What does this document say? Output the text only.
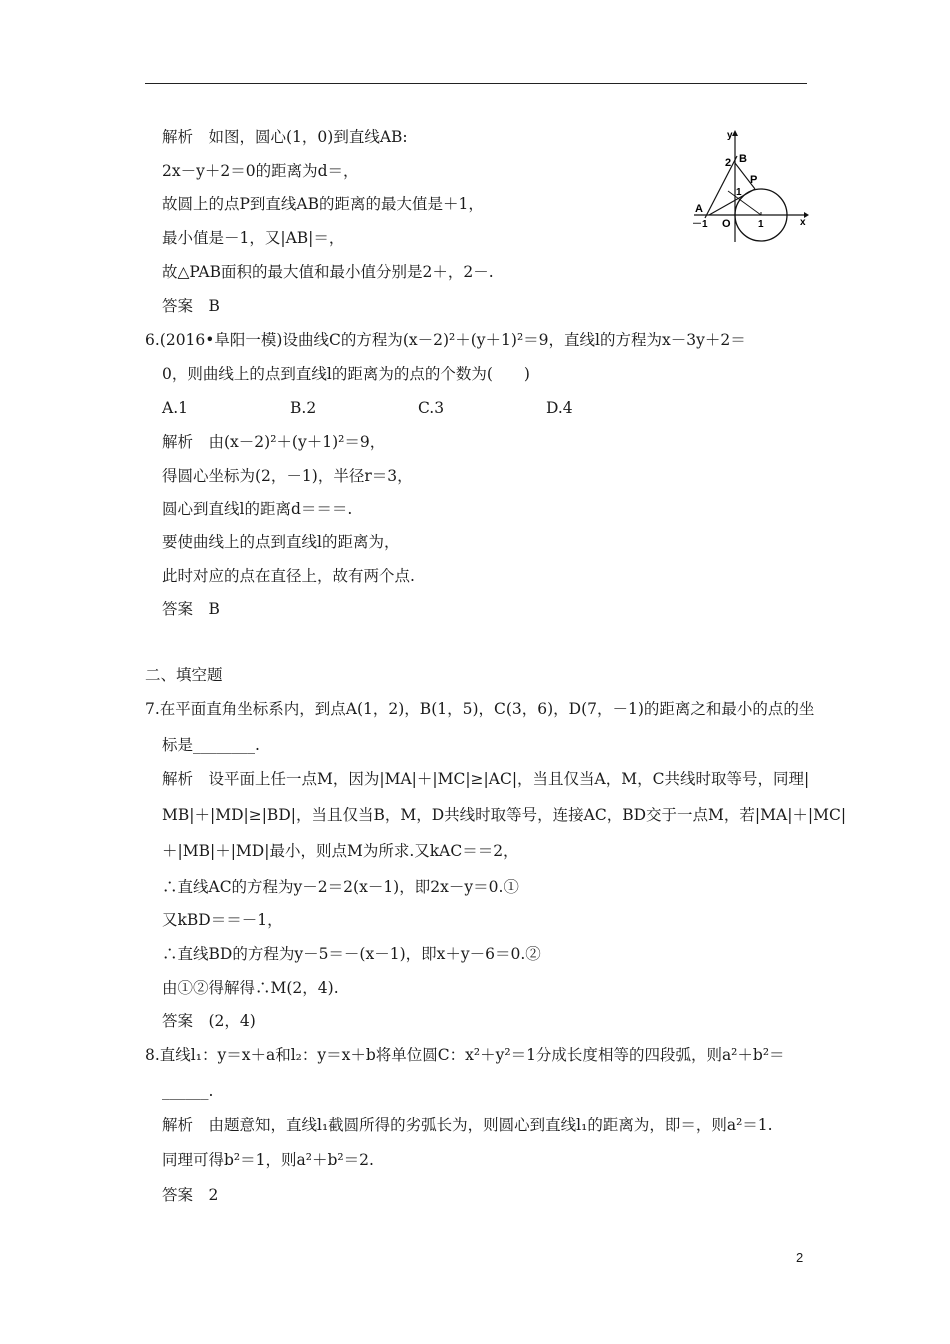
解析　如图，圆心(1，0)到直线AB:
2x－y＋2＝0的距离为d＝，
故圆上的点P到直线AB的距离的最大值是＋1，
最小值是－1，又|AB|＝，
故△PAB面积的最大值和最小值分别是2＋，2－.
答案　B
6.(2016•阜阳一模)设曲线C的方程为(x－2)²＋(y＋1)²＝9，直线l的方程为x－3y＋2＝
0，则曲线上的点到直线l的距离为的点的个数为(　　)
解析　由(x－2)²＋(y＋1)²＝9，
得圆心坐标为(2，－1)，半径r＝3，
圆心到直线l的距离d＝＝＝.
要使曲线上的点到直线l的距离为，
此时对应的点在直径上，故有两个点.
答案　B
二、填空题
7.在平面直角坐标系内，到点A(1，2)，B(1，5)，C(3，6)，D(7，－1)的距离之和最小的点的坐
标是________.
解析　设平面上任一点M，因为|MA|＋|MC|≥|AC|，当且仅当A，M，C共线时取等号，同理|
MB|＋|MD|≥|BD|，当且仅当B，M，D共线时取等号，连接AC，BD交于一点M，若|MA|＋|MC|
＋|MB|＋|MD|最小，则点M为所求.又kAC＝＝2，
∴直线AC的方程为y－2＝2(x－1)，即2x－y＝0.①
又kBD＝＝－1，
∴直线BD的方程为y－5＝－(x－1)，即x＋y－6＝0.②
由①②得解得∴M(2，4).
答案　(2，4)
8.直线l₁：y＝x＋a和l₂：y＝x＋b将单位圆C：x²＋y²＝1分成长度相等的四段弧，则a²＋b²＝
______.
解析　由题意知，直线l₁截圆所得的劣弧长为，则圆心到直线l₁的距离为，即＝，则a²＝1.
同理可得b²＝1，则a²＋b²＝2.
答案　2
A.1	B.2	C.3	D.4
y
x
2 B
1
P
A
－1 O	1
2
